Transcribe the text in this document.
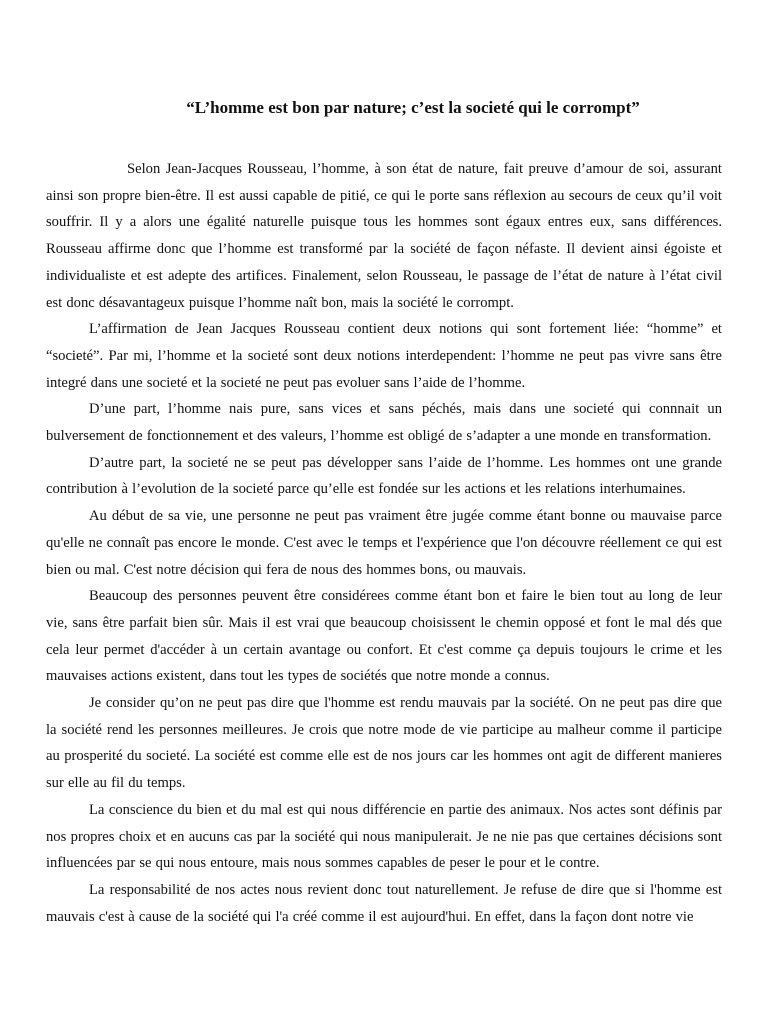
“L’homme est bon par nature; c’est la societé qui le corrompt”

Selon Jean-Jacques Rousseau, l’homme, à son état de nature, fait preuve d’amour de soi, assurant ainsi son propre bien-être. Il est aussi capable de pitié, ce qui le porte sans réflexion au secours de ceux qu’il voit souffrir. Il y a alors une égalité naturelle puisque tous les hommes sont égaux entres eux, sans différences. Rousseau affirme donc que l’homme est transformé par la société de façon néfaste. Il devient ainsi égoiste et individualiste et est adepte des artifices. Finalement, selon Rousseau, le passage de l’état de nature à l’état civil est donc désavantageux puisque l’homme naît bon, mais la société le corrompt.

L’affirmation de Jean Jacques Rousseau contient deux notions qui sont fortement liée: “homme” et “societé”. Par mi, l’homme et la societé sont deux notions interdependent: l’homme ne peut pas vivre sans être integré dans une societé et la societé ne peut pas evoluer sans l’aide de l’homme.

D’une part, l’homme nais pure, sans vices et sans péchés, mais dans une societé qui connnait un bulversement de fonctionnement et des valeurs, l’homme est obligé de s’adapter a une monde en transformation.

D’autre part, la societé ne se peut pas développer sans l’aide de l’homme. Les hommes ont une grande contribution à l’evolution de la societé parce qu’elle est fondée sur les actions et les relations interhumaines.

Au début de sa vie, une personne ne peut pas vraiment être jugée comme étant bonne ou mauvaise parce qu'elle ne connaît pas encore le monde. C'est avec le temps et l'expérience que l'on découvre réellement ce qui est bien ou mal. C'est notre décision qui fera de nous des hommes bons, ou mauvais.

Beaucoup des personnes peuvent être considérees comme étant bon et faire le bien tout au long de leur vie, sans être parfait bien sûr. Mais il est vrai que beaucoup choisissent le chemin opposé et font le mal dés que cela leur permet d'accéder à un certain avantage ou confort. Et c'est comme ça depuis toujours le crime et les mauvaises actions existent, dans tout les types de sociétés que notre monde a connus.

Je consider qu’on ne peut pas dire que l'homme est rendu mauvais par la société. On ne peut pas dire que la société rend les personnes meilleures. Je crois que notre mode de vie participe au malheur comme il participe au prosperité du societé. La société est comme elle est de nos jours car les hommes ont agit de different manieres sur elle au fil du temps.

La conscience du bien et du mal est qui nous différencie en partie des animaux. Nos actes sont définis par nos propres choix et en aucuns cas par la société qui nous manipulerait. Je ne nie pas que certaines décisions sont influencées par se qui nous entoure, mais nous sommes capables de peser le pour et le contre.

La responsabilité de nos actes nous revient donc tout naturellement. Je refuse de dire que si l'homme est mauvais c'est à cause de la société qui l'a créé comme il est aujourd'hui. En effet, dans la façon dont notre vie
